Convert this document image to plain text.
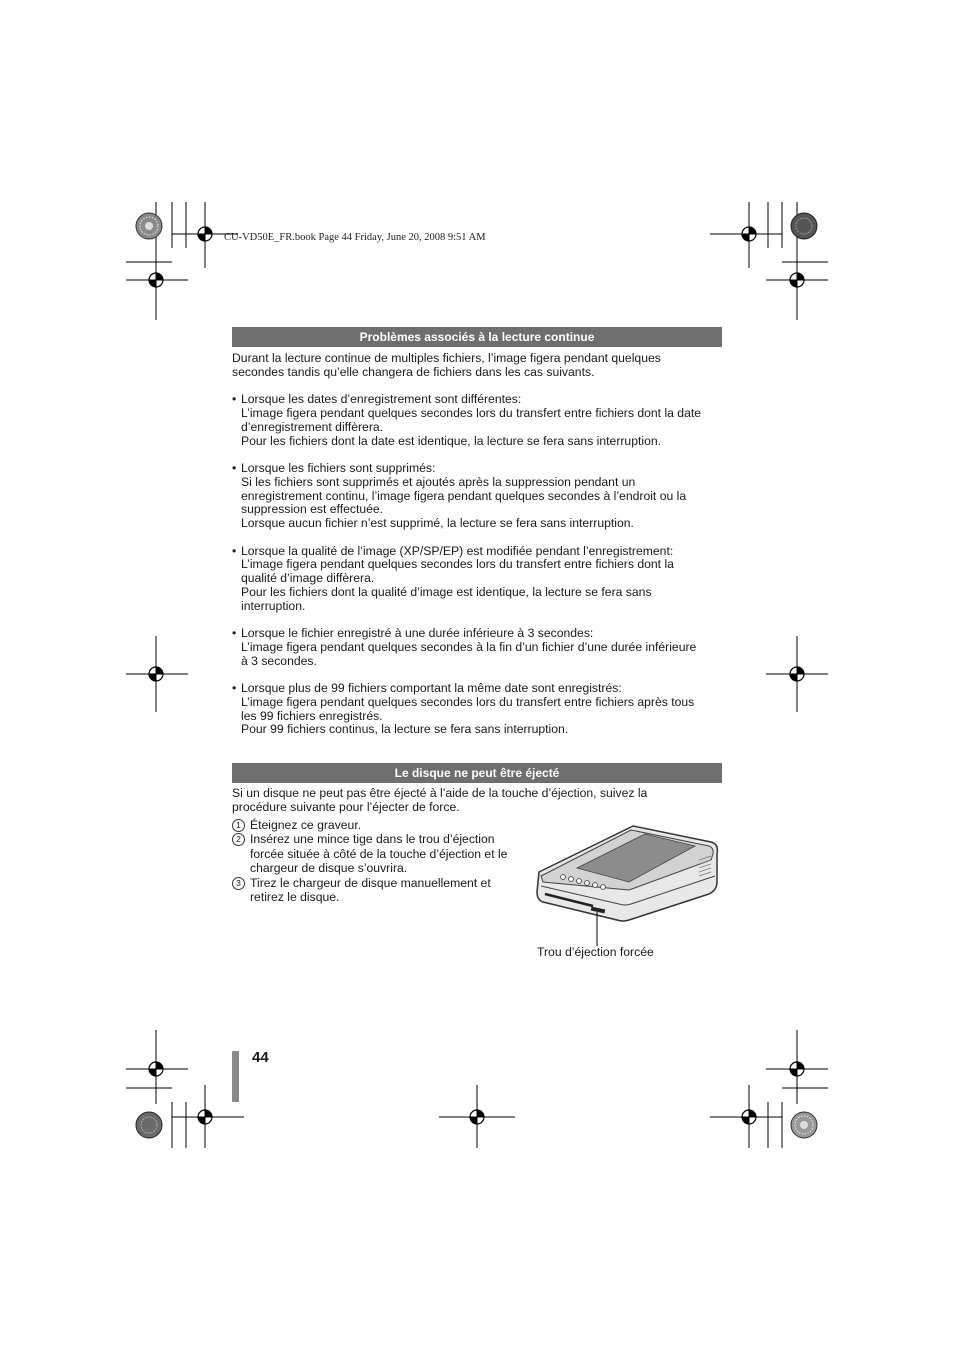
CU-VD50E_FR.book Page 44 Friday, June 20, 2008 9:51 AM
Problèmes associés à la lecture continue

Durant la lecture continue de multiples fichiers, l’image figera pendant quelques
secondes tandis qu’elle changera de fichiers dans les cas suivants.

• Lorsque les dates d’enregistrement sont différentes:
L’image figera pendant quelques secondes lors du transfert entre fichiers dont la date
d’enregistrement diffèrera.
Pour les fichiers dont la date est identique, la lecture se fera sans interruption.
• Lorsque les fichiers sont supprimés:
Si les fichiers sont supprimés et ajoutés après la suppression pendant un
enregistrement continu, l’image figera pendant quelques secondes à l’endroit ou la
suppression est effectuée.
Lorsque aucun fichier n’est supprimé, la lecture se fera sans interruption.
• Lorsque la qualité de l’image (XP/SP/EP) est modifiée pendant l’enregistrement:
L’image figera pendant quelques secondes lors du transfert entre fichiers dont la
qualité d’image diffèrera.
Pour les fichiers dont la qualité d’image est identique, la lecture se fera sans
interruption.
• Lorsque le fichier enregistré à une durée inférieure à 3 secondes:
L’image figera pendant quelques secondes à la fin d’un fichier d’une durée inférieure
à 3 secondes.
• Lorsque plus de 99 fichiers comportant la même date sont enregistrés:
L’image figera pendant quelques secondes lors du transfert entre fichiers après tous
les 99 fichiers enregistrés.
Pour 99 fichiers continus, la lecture se fera sans interruption.
Le disque ne peut être éjecté

Si un disque ne peut pas être éjecté à l’aide de la touche d’éjection, suivez la
procédure suivante pour l’éjecter de force.

1 Éteignez ce graveur.
2 Insérez une mince tige dans le trou d’éjection
forcée située à côté de la touche d’éjection et le
chargeur de disque s’ouvrira.
3 Tirez le chargeur de disque manuellement et
retirez le disque.
Trou d’éjection forcée
44
